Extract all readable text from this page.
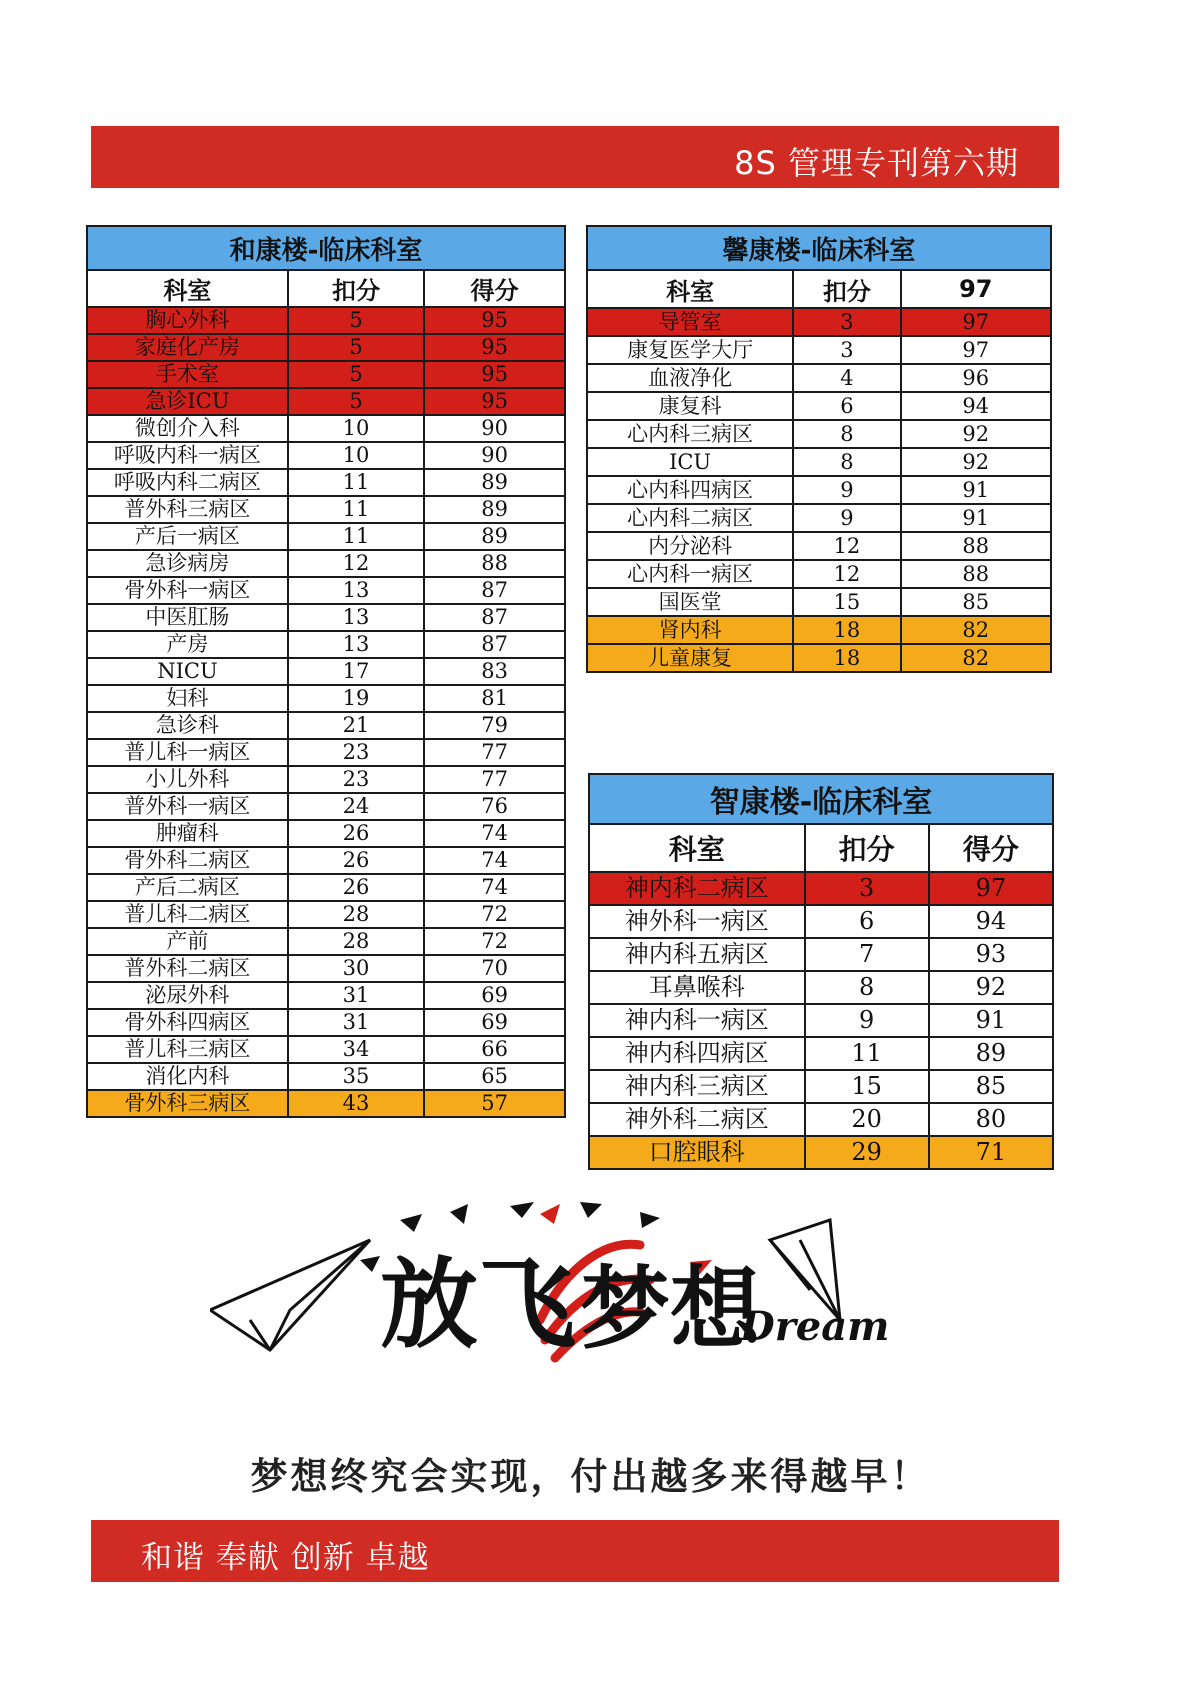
8S 管理专刊第六期
和康楼-临床科室		
科室	扣分	得分
胸心外科	5	95
家庭化产房	5	95
手术室	5	95
急诊ICU	5	95
微创介入科	10	90
呼吸内科一病区	10	90
呼吸内科二病区	11	89
普外科三病区	11	89
产后一病区	11	89
急诊病房	12	88
骨外科一病区	13	87
中医肛肠	13	87
产房	13	87
NICU	17	83
妇科	19	81
急诊科	21	79
普儿科一病区	23	77
小儿外科	23	77
普外科一病区	24	76
肿瘤科	26	74
骨外科二病区	26	74
产后二病区	26	74
普儿科二病区	28	72
产前	28	72
普外科二病区	30	70
泌尿外科	31	69
骨外科四病区	31	69
普儿科三病区	34	66
消化内科	35	65
骨外科三病区	43	57
馨康楼-临床科室		
科室	扣分	97
导管室	3	97
康复医学大厅	3	97
血液净化	4	96
康复科	6	94
心内科三病区	8	92
ICU	8	92
心内科四病区	9	91
心内科二病区	9	91
内分泌科	12	88
心内科一病区	12	88
国医堂	15	85
肾内科	18	82
儿童康复	18	82
智康楼-临床科室		
科室	扣分	得分
神内科二病区	3	97
神外科一病区	6	94
神内科五病区	7	93
耳鼻喉科	8	92
神内科一病区	9	91
神内科四病区	11	89
神内科三病区	15	85
神外科二病区	20	80
口腔眼科	29	71
放飞 梦想
Dream
梦想终究会实现，付出越多来得越早！
和谐 奉献 创新 卓越
